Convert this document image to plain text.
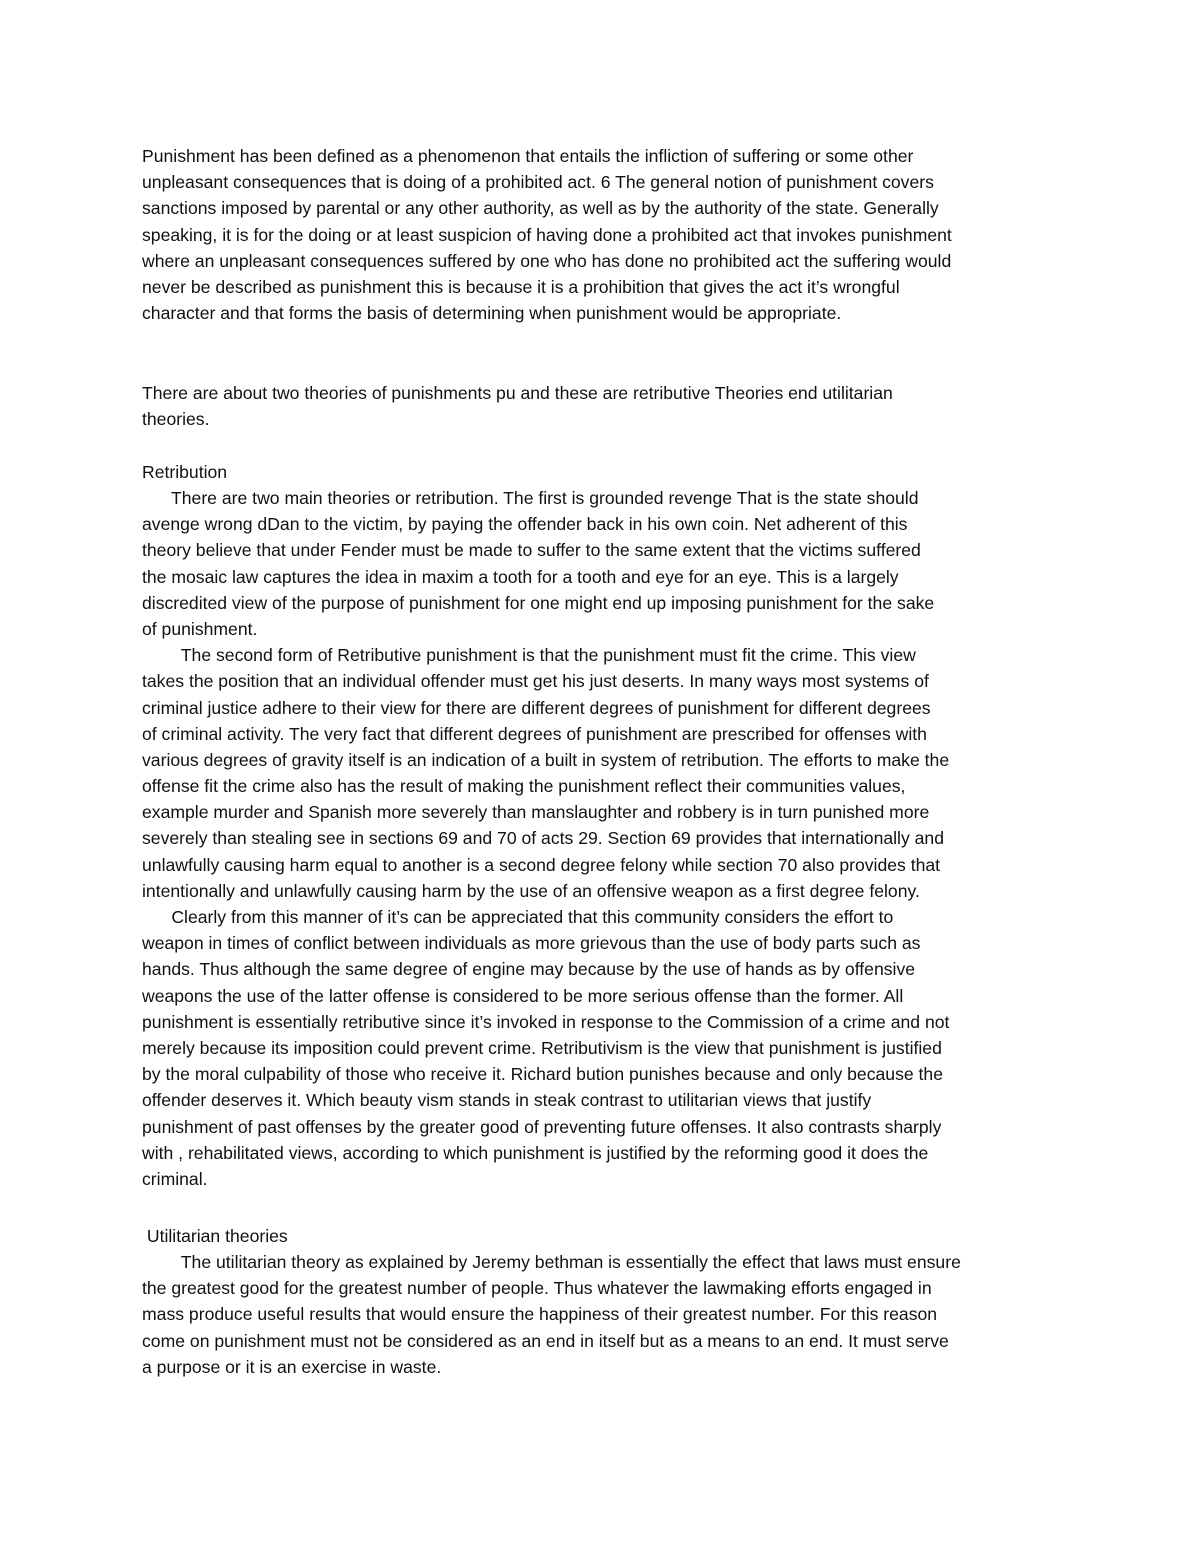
Punishment has been defined as a phenomenon that entails the infliction of suffering or some other
unpleasant consequences that is doing of a prohibited act. 6 The general notion of punishment covers
sanctions imposed by parental or any other authority, as well as by the authority of the state. Generally
speaking, it is for the doing or at least suspicion of having done a prohibited act that invokes punishment
where an unpleasant consequences suffered by one who has done no prohibited act the suffering would
never be described as punishment this is because it is a prohibition that gives the act it’s wrongful
character and that forms the basis of determining when punishment would be appropriate.
There are about two theories of punishments pu and these are retributive Theories end utilitarian
theories.
Retribution
There are two main theories or retribution. The first is grounded revenge That is the state should
avenge wrong dDan to the victim, by paying the offender back in his own coin. Net adherent of this
theory believe that under Fender must be made to suffer to the same extent that the victims suffered
the mosaic law captures the idea in maxim a tooth for a tooth and eye for an eye. This is a largely
discredited view of the purpose of punishment for one might end up imposing punishment for the sake
of punishment.
The second form of Retributive punishment is that the punishment must fit the crime. This view
takes the position that an individual offender must get his just deserts. In many ways most systems of
criminal justice adhere to their view for there are different degrees of punishment for different degrees
of criminal activity. The very fact that different degrees of punishment are prescribed for offenses with
various degrees of gravity itself is an indication of a built in system of retribution. The efforts to make the
offense fit the crime also has the result of making the punishment reflect their communities values,
example murder and Spanish more severely than manslaughter and robbery is in turn punished more
severely than stealing see in sections 69 and 70 of acts 29. Section 69 provides that internationally and
unlawfully causing harm equal to another is a second degree felony while section 70 also provides that
intentionally and unlawfully causing harm by the use of an offensive weapon as a first degree felony.
Clearly from this manner of it’s can be appreciated that this community considers the effort to
weapon in times of conflict between individuals as more grievous than the use of body parts such as
hands. Thus although the same degree of engine may because by the use of hands as by offensive
weapons the use of the latter offense is considered to be more serious offense than the former. All
punishment is essentially retributive since it’s invoked in response to the Commission of a crime and not
merely because its imposition could prevent crime. Retributivism is the view that punishment is justified
by the moral culpability of those who receive it. Richard bution punishes because and only because the
offender deserves it. Which beauty vism stands in steak contrast to utilitarian views that justify
punishment of past offenses by the greater good of preventing future offenses. It also contrasts sharply
with , rehabilitated views, according to which punishment is justified by the reforming good it does the
criminal.
Utilitarian theories
The utilitarian theory as explained by Jeremy bethman is essentially the effect that laws must ensure
the greatest good for the greatest number of people. Thus whatever the lawmaking efforts engaged in
mass produce useful results that would ensure the happiness of their greatest number. For this reason
come on punishment must not be considered as an end in itself but as a means to an end. It must serve
a purpose or it is an exercise in waste.
